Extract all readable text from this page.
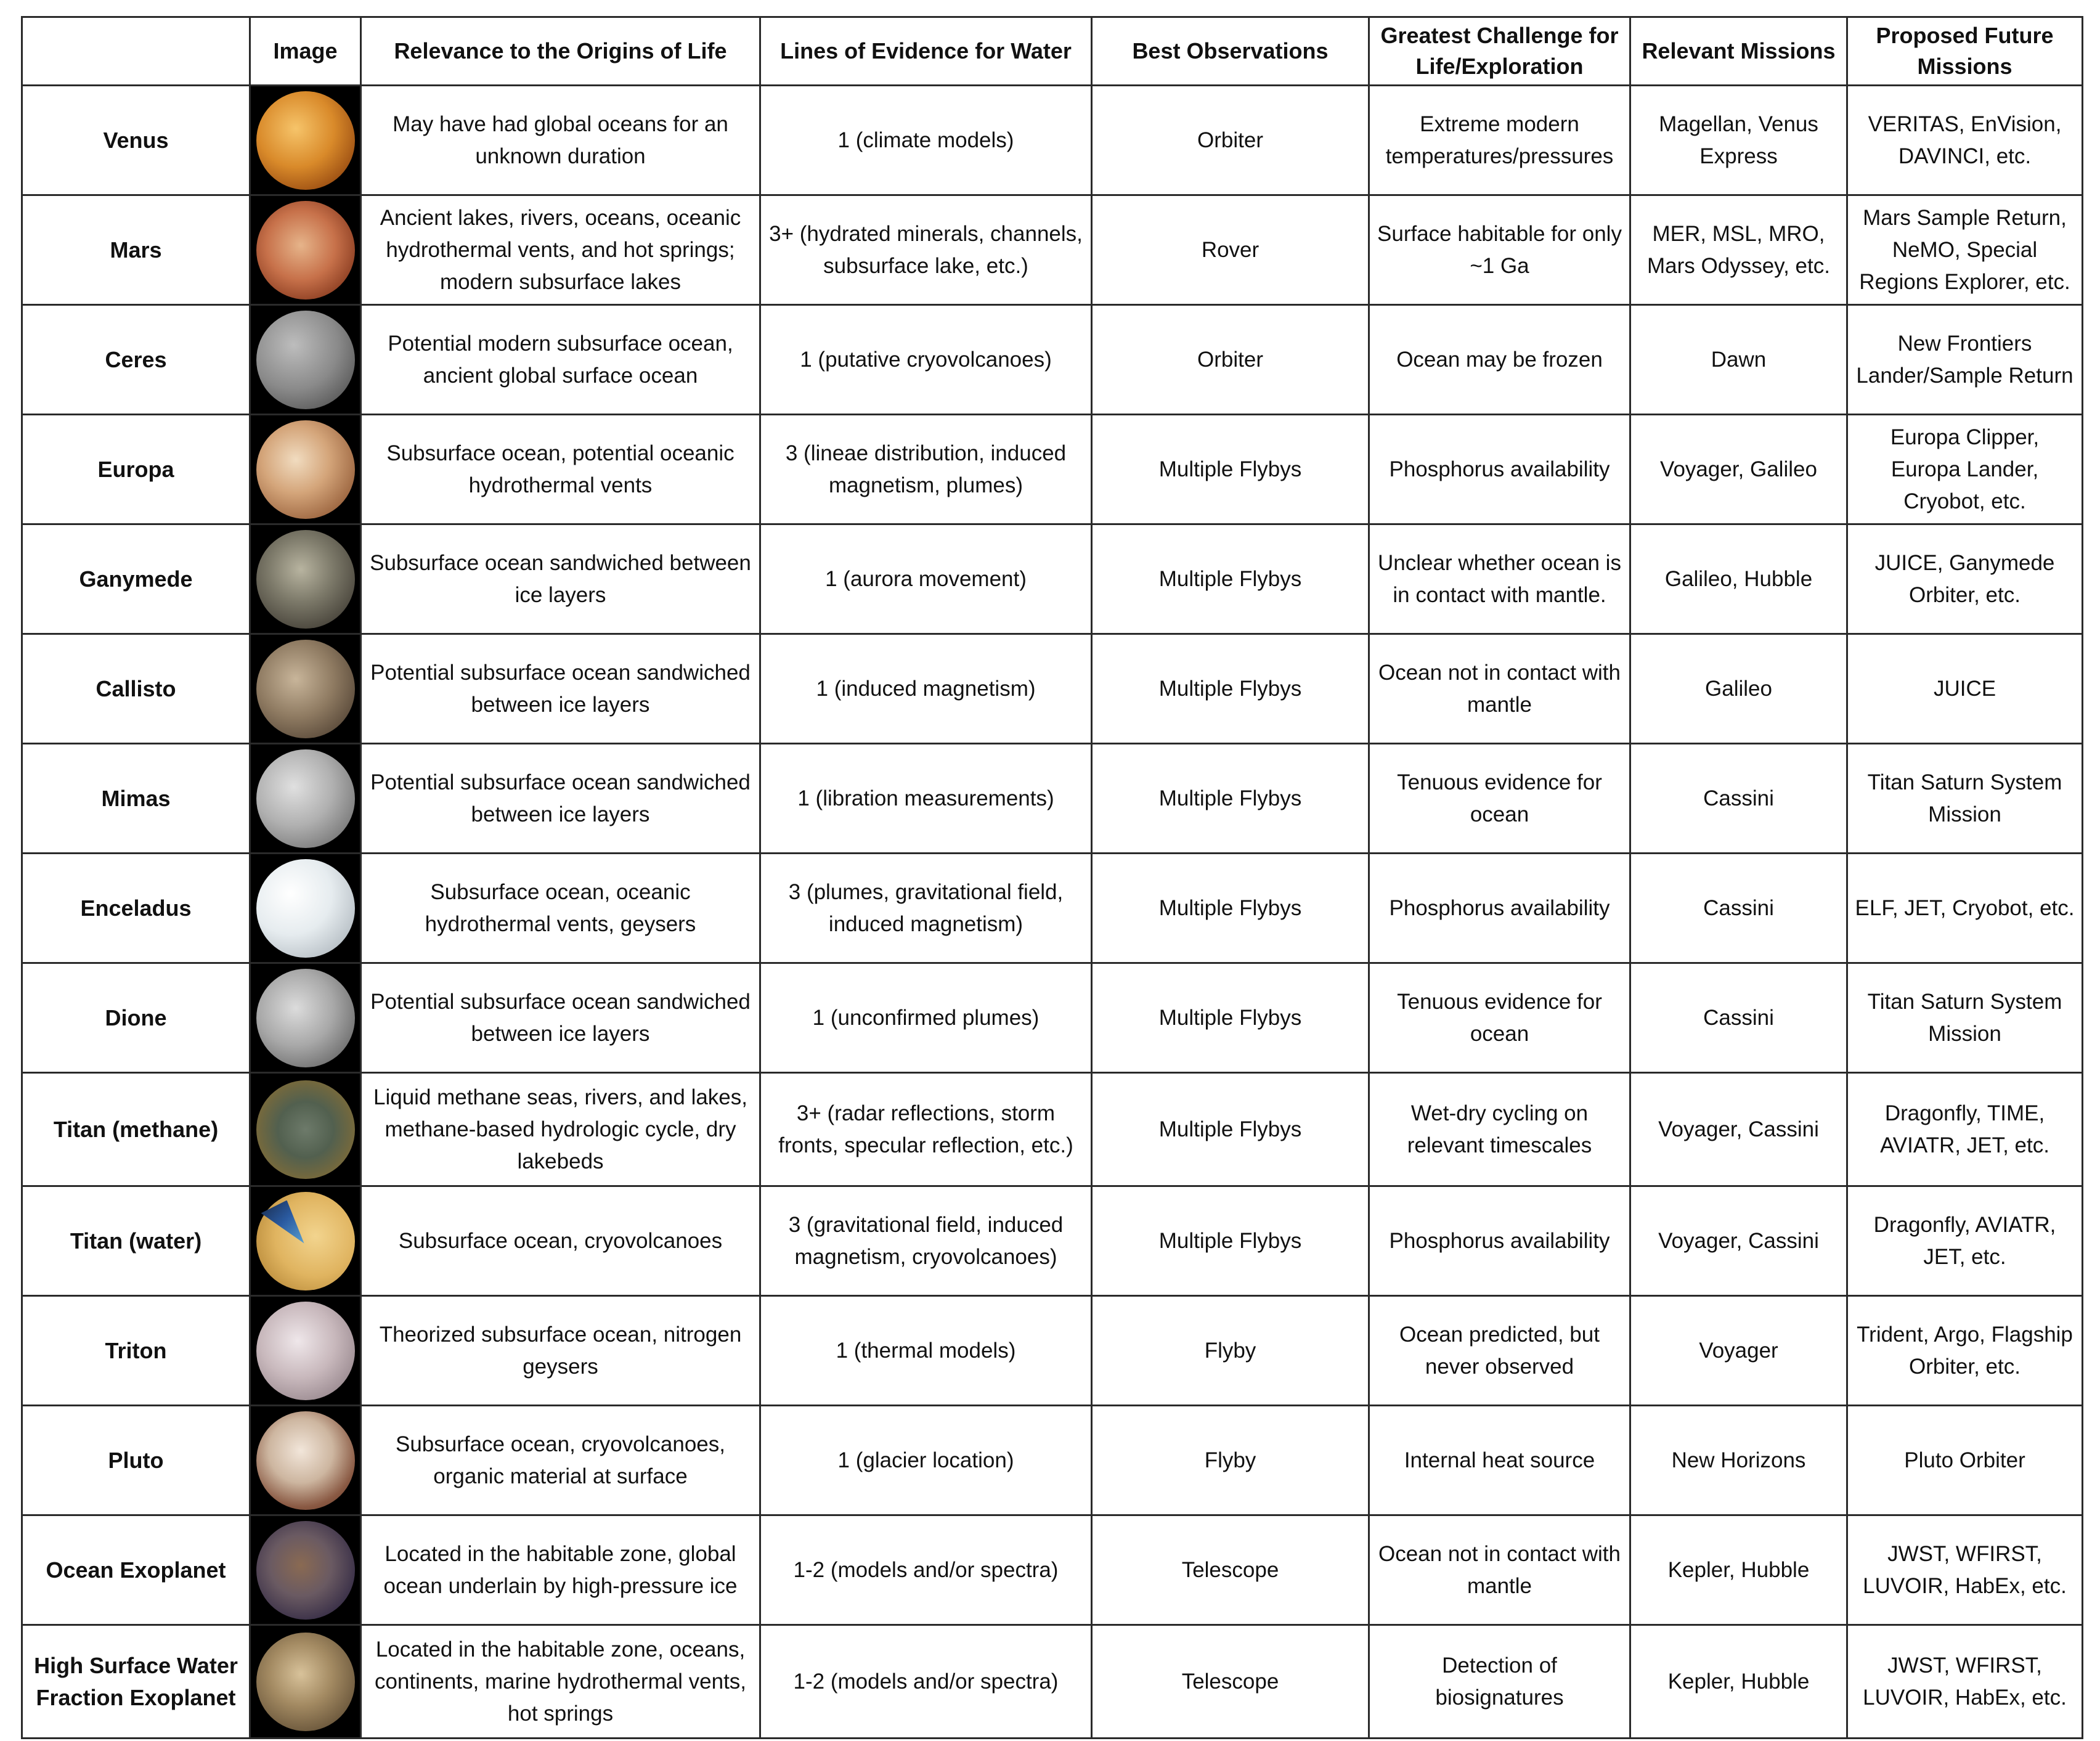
	Image	Relevance to the Origins of Life	Lines of Evidence for Water	Best Observations	Greatest Challenge for Life/Exploration	Relevant Missions	Proposed Future Missions
Venus		May have had global oceans for an unknown duration	1 (climate models)	Orbiter	Extreme modern temperatures/pressures	Magellan, Venus Express	VERITAS, EnVision, DAVINCI, etc.
Mars		Ancient lakes, rivers, oceans, oceanic hydrothermal vents, and hot springs; modern subsurface lakes	3+ (hydrated minerals, channels, subsurface lake, etc.)	Rover	Surface habitable for only ~1 Ga	MER, MSL, MRO, Mars Odyssey, etc.	Mars Sample Return, NeMO, Special Regions Explorer, etc.
Ceres		Potential modern subsurface ocean, ancient global surface ocean	1 (putative cryovolcanoes)	Orbiter	Ocean may be frozen	Dawn	New Frontiers Lander/Sample Return
Europa		Subsurface ocean, potential oceanic hydrothermal vents	3 (lineae distribution, induced magnetism, plumes)	Multiple Flybys	Phosphorus availability	Voyager, Galileo	Europa Clipper, Europa Lander, Cryobot, etc.
Ganymede		Subsurface ocean sandwiched between ice layers	1 (aurora movement)	Multiple Flybys	Unclear whether ocean is in contact with mantle.	Galileo, Hubble	JUICE, Ganymede Orbiter, etc.
Callisto		Potential subsurface ocean sandwiched between ice layers	1 (induced magnetism)	Multiple Flybys	Ocean not in contact with mantle	Galileo	JUICE
Mimas		Potential subsurface ocean sandwiched between ice layers	1 (libration measurements)	Multiple Flybys	Tenuous evidence for ocean	Cassini	Titan Saturn System Mission
Enceladus		Subsurface ocean, oceanic hydrothermal vents, geysers	3 (plumes, gravitational field, induced magnetism)	Multiple Flybys	Phosphorus availability	Cassini	ELF, JET, Cryobot, etc.
Dione		Potential subsurface ocean sandwiched between ice layers	1 (unconfirmed plumes)	Multiple Flybys	Tenuous evidence for ocean	Cassini	Titan Saturn System Mission
Titan (methane)		Liquid methane seas, rivers, and lakes, methane-based hydrologic cycle, dry lakebeds	3+ (radar reflections, storm fronts, specular reflection, etc.)	Multiple Flybys	Wet-dry cycling on relevant timescales	Voyager, Cassini	Dragonfly, TIME, AVIATR, JET, etc.
Titan (water)		Subsurface ocean, cryovolcanoes	3 (gravitational field, induced magnetism, cryovolcanoes)	Multiple Flybys	Phosphorus availability	Voyager, Cassini	Dragonfly, AVIATR, JET, etc.
Triton		Theorized subsurface ocean, nitrogen geysers	1 (thermal models)	Flyby	Ocean predicted, but never observed	Voyager	Trident, Argo, Flagship Orbiter, etc.
Pluto		Subsurface ocean, cryovolcanoes, organic material at surface	1 (glacier location)	Flyby	Internal heat source	New Horizons	Pluto Orbiter
Ocean Exoplanet		Located in the habitable zone, global ocean underlain by high-pressure ice	1-2 (models and/or spectra)	Telescope	Ocean not in contact with mantle	Kepler, Hubble	JWST, WFIRST, LUVOIR, HabEx, etc.
High Surface Water Fraction Exoplanet		Located in the habitable zone, oceans, continents, marine hydrothermal vents, hot springs	1-2 (models and/or spectra)	Telescope	Detection of biosignatures	Kepler, Hubble	JWST, WFIRST, LUVOIR, HabEx, etc.
